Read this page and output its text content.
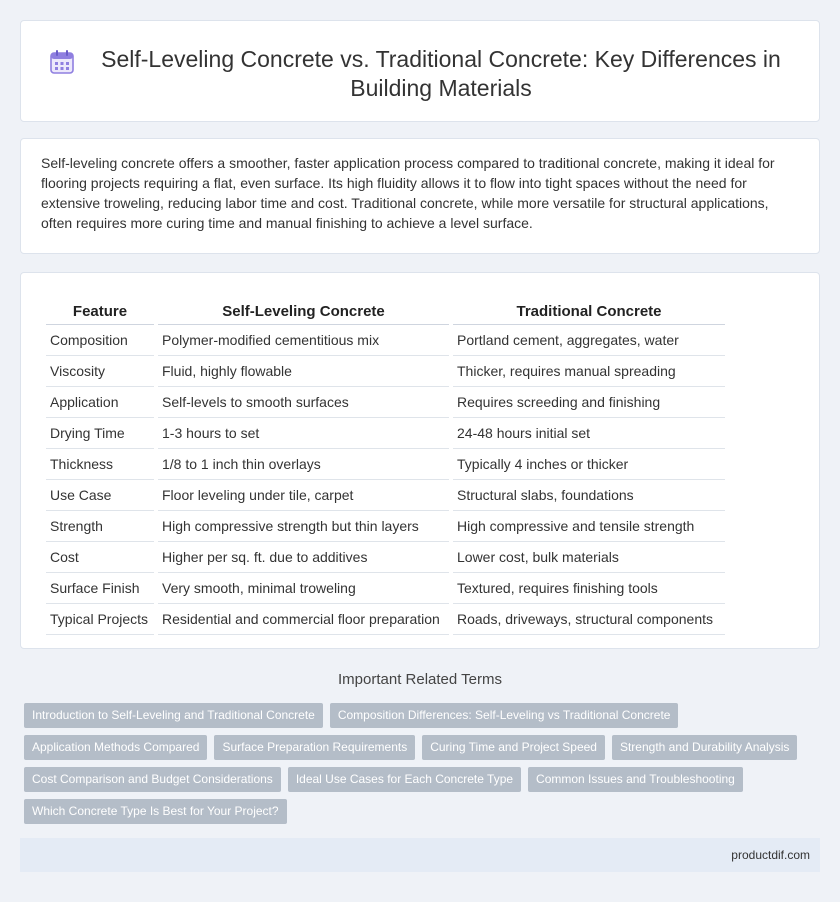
Self-Leveling Concrete vs. Traditional Concrete: Key Differences in Building Materials

Self-leveling concrete offers a smoother, faster application process compared to traditional concrete, making it ideal for flooring projects requiring a flat, even surface. Its high fluidity allows it to flow into tight spaces without the need for extensive troweling, reducing labor time and cost. Traditional concrete, while more versatile for structural applications, often requires more curing time and manual finishing to achieve a level surface.

Feature	Self-Leveling Concrete	Traditional Concrete
Composition	Polymer-modified cementitious mix	Portland cement, aggregates, water
Viscosity	Fluid, highly flowable	Thicker, requires manual spreading
Application	Self-levels to smooth surfaces	Requires screeding and finishing
Drying Time	1-3 hours to set	24-48 hours initial set
Thickness	1/8 to 1 inch thin overlays	Typically 4 inches or thicker
Use Case	Floor leveling under tile, carpet	Structural slabs, foundations
Strength	High compressive strength but thin layers	High compressive and tensile strength
Cost	Higher per sq. ft. due to additives	Lower cost, bulk materials
Surface Finish	Very smooth, minimal troweling	Textured, requires finishing tools
Typical Projects	Residential and commercial floor preparation	Roads, driveways, structural components
Important Related Terms
Introduction to Self-Leveling and Traditional Concrete	Composition Differences: Self-Leveling vs Traditional Concrete
Application Methods Compared	Surface Preparation Requirements	Curing Time and Project Speed	Strength and Durability Analysis
Cost Comparison and Budget Considerations	Ideal Use Cases for Each Concrete Type	Common Issues and Troubleshooting
Which Concrete Type Is Best for Your Project?
productdif.com
